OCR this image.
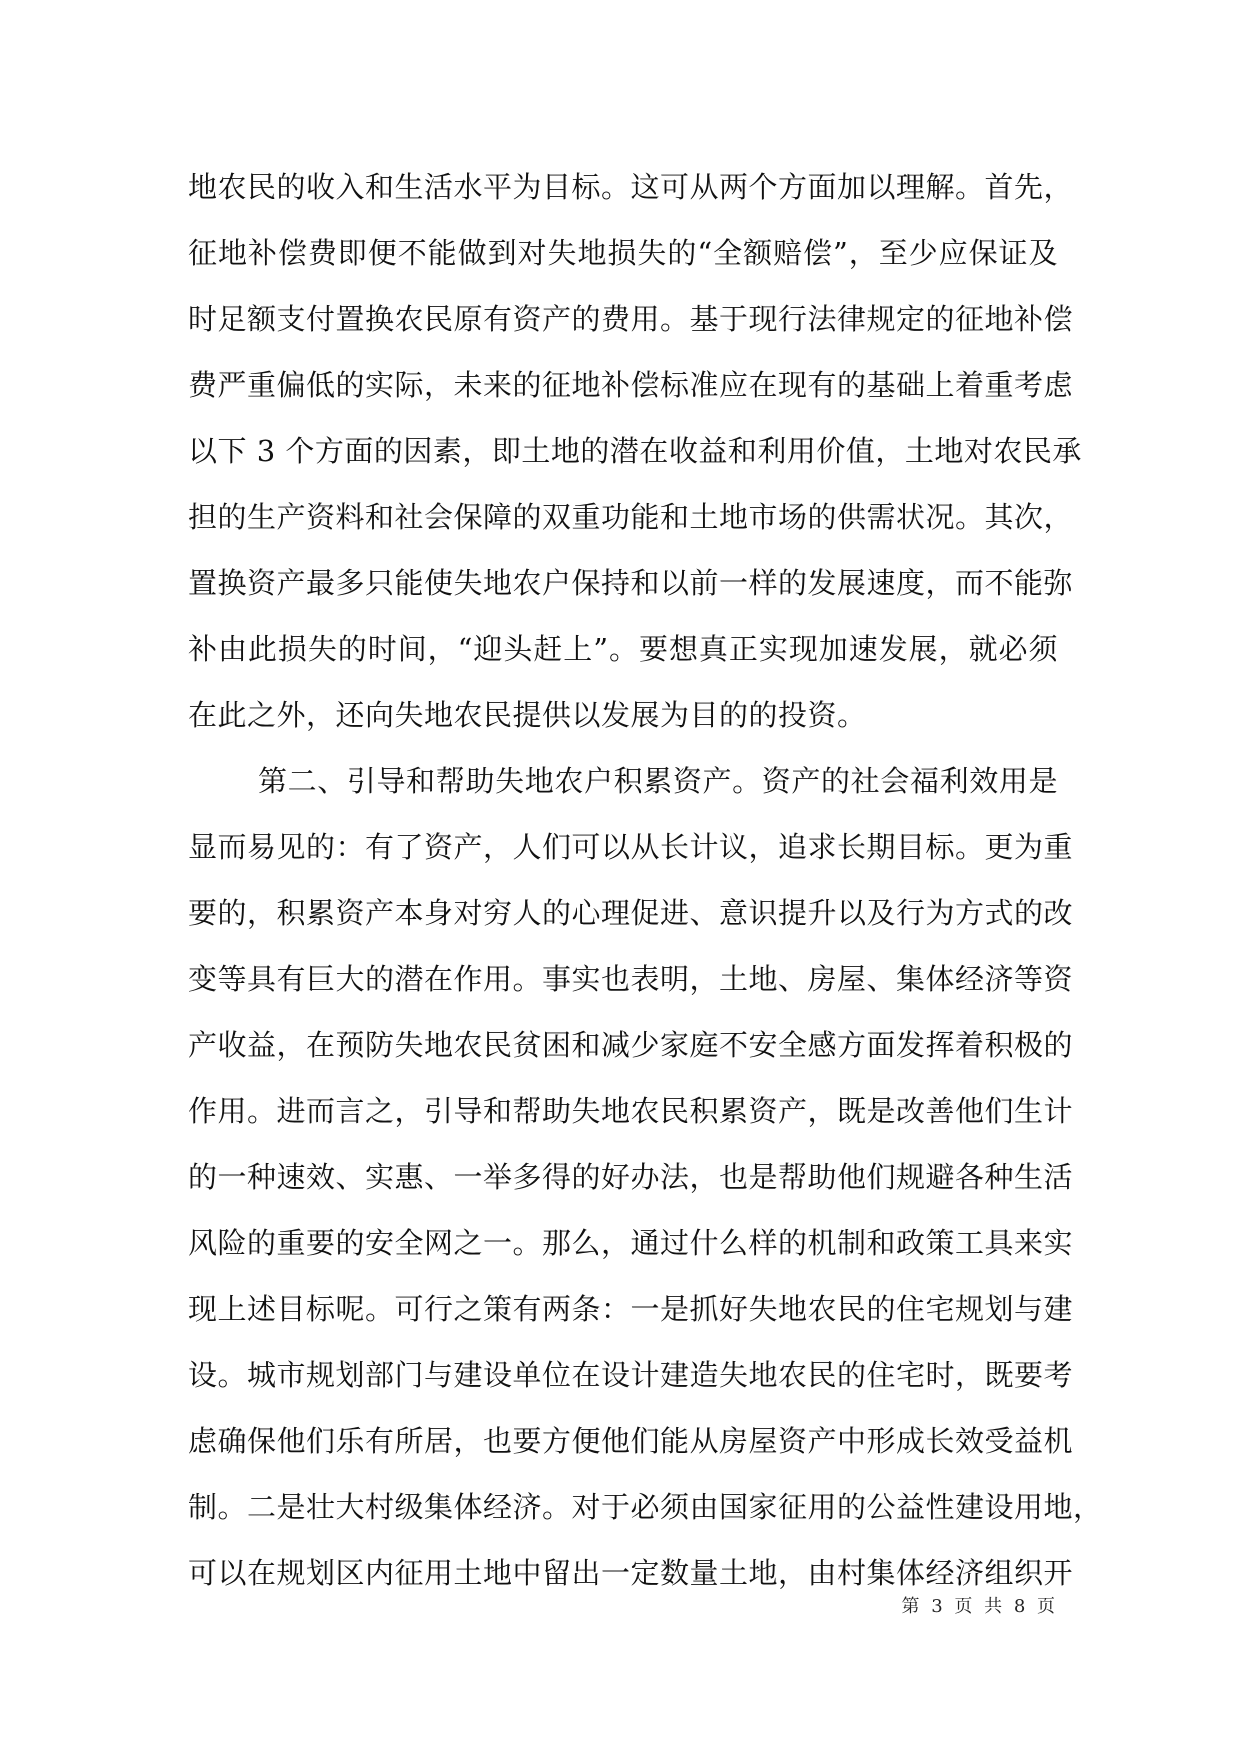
地农民的收入和生活水平为目标。这可从两个方面加以理解。首先，
征地补偿费即便不能做到对失地损失的“全额赔偿”，至少应保证及
时足额支付置换农民原有资产的费用。基于现行法律规定的征地补偿
费严重偏低的实际，未来的征地补偿标准应在现有的基础上着重考虑
以下 3 个方面的因素，即土地的潜在收益和利用价值，土地对农民承
担的生产资料和社会保障的双重功能和土地市场的供需状况。其次，
置换资产最多只能使失地农户保持和以前一样的发展速度，而不能弥
补由此损失的时间，“迎头赶上”。要想真正实现加速发展，就必须
在此之外，还向失地农民提供以发展为目的的投资。
第二、引导和帮助失地农户积累资产。资产的社会福利效用是
显而易见的：有了资产，人们可以从长计议，追求长期目标。更为重
要的，积累资产本身对穷人的心理促进、意识提升以及行为方式的改
变等具有巨大的潜在作用。事实也表明，土地、房屋、集体经济等资
产收益，在预防失地农民贫困和减少家庭不安全感方面发挥着积极的
作用。进而言之，引导和帮助失地农民积累资产，既是改善他们生计
的一种速效、实惠、一举多得的好办法，也是帮助他们规避各种生活
风险的重要的安全网之一。那么，通过什么样的机制和政策工具来实
现上述目标呢。可行之策有两条：一是抓好失地农民的住宅规划与建
设。城市规划部门与建设单位在设计建造失地农民的住宅时，既要考
虑确保他们乐有所居，也要方便他们能从房屋资产中形成长效受益机
制。二是壮大村级集体经济。对于必须由国家征用的公益性建设用地，
可以在规划区内征用土地中留出一定数量土地，由村集体经济组织开
第 3 页 共 8 页
